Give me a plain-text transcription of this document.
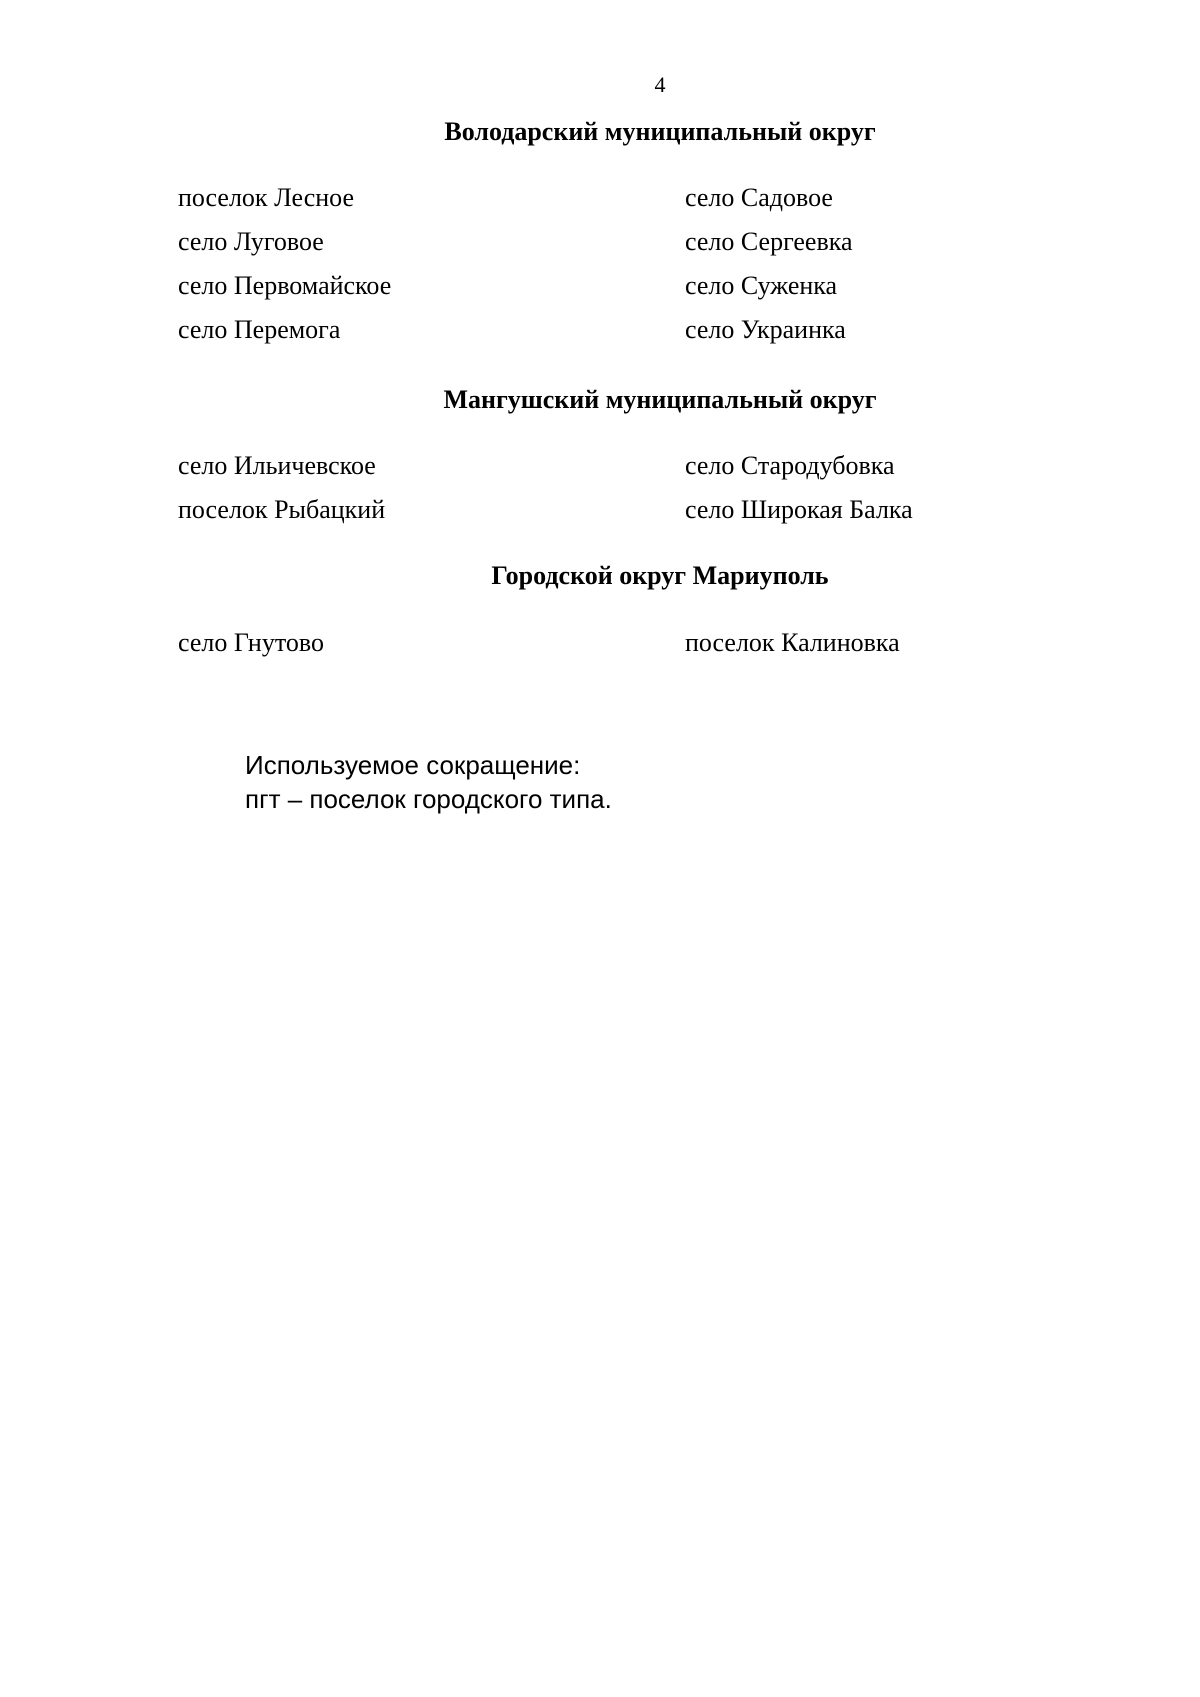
4
Володарский муниципальный округ
поселок Лесное
село Луговое
село Первомайское
село Перемога
село Садовое
село Сергеевка
село Суженка
село Украинка
Мангушский муниципальный округ
село Ильичевское
поселок Рыбацкий
село Стародубовка
село Широкая Балка
Городской округ Мариуполь
село Гнутово	поселок Калиновка
Используемое сокращение:
пгт – поселок городского типа.
